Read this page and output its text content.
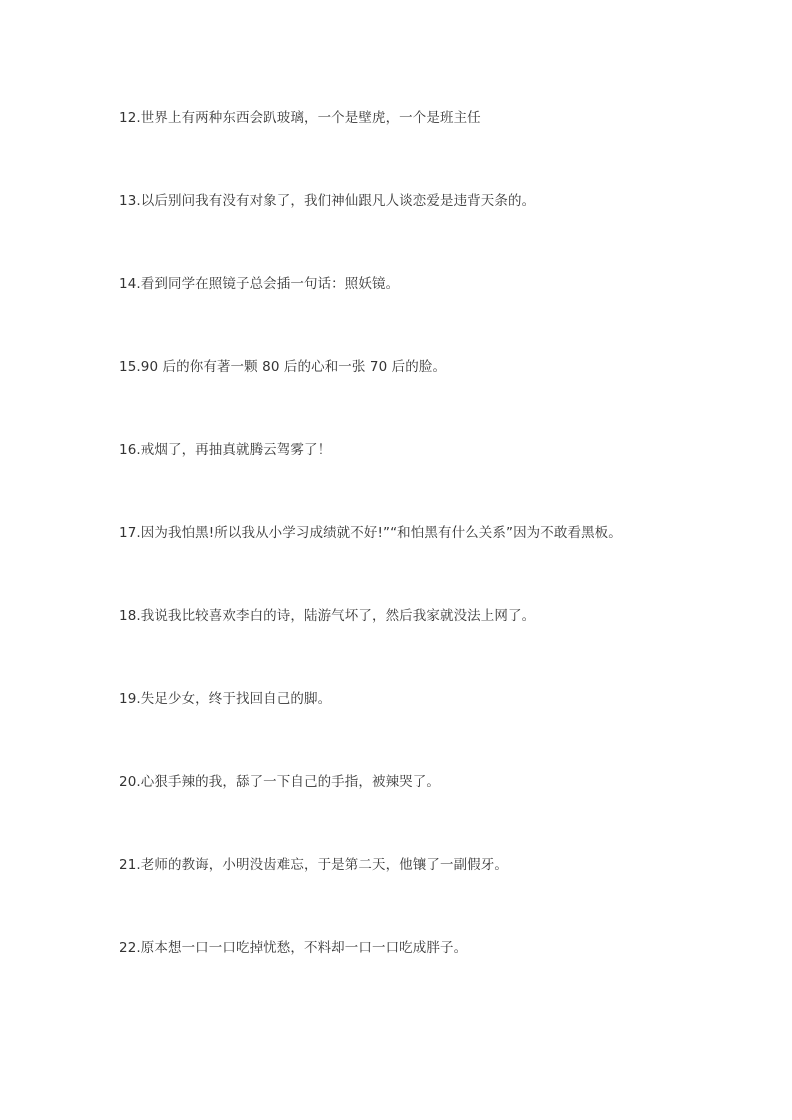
12.世界上有两种东西会趴玻璃，一个是壁虎，一个是班主任
13.以后别问我有没有对象了，我们神仙跟凡人谈恋爱是违背天条的。
14.看到同学在照镜子总会插一句话：照妖镜。
15.90 后的你有著一颗 80 后的心和一张 70 后的脸。
16.戒烟了，再抽真就腾云驾雾了！
17.因为我怕黑!所以我从小学习成绩就不好!”“和怕黑有什么关系”因为不敢看黑板。
18.我说我比较喜欢李白的诗，陆游气坏了，然后我家就没法上网了。
19.失足少女，终于找回自己的脚。
20.心狠手辣的我，舔了一下自己的手指，被辣哭了。
21.老师的教诲，小明没齿难忘，于是第二天，他镶了一副假牙。
22.原本想一口一口吃掉忧愁，不料却一口一口吃成胖子。
